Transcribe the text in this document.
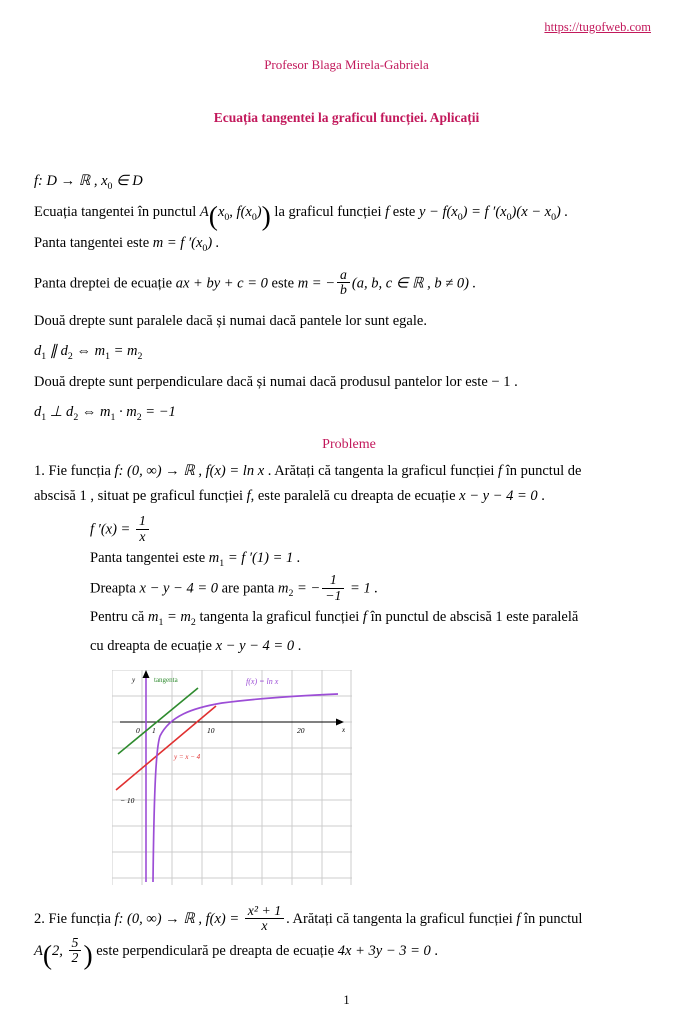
https://tugofweb.com
Profesor Blaga Mirela-Gabriela
Ecuația tangentei la graficul funcției. Aplicații
f: D → ℝ , $x_0$ ∈ D
Ecuația tangentei în punctul $A(x_0$, $f(x_0)$) la graficul funcției f este $y - f(x_0) = f$ $'(x_0)(x - x_0)$ .
Panta tangentei este m = f $'(x_0)$ .
Panta dreptei de ecuație ax + by + c = 0 este m = − $\frac{a}{b} (a$, b, c ∈ ℝ , b ≠ 0) .
Două drepte sunt paralele dacă și numai dacă pantele lor sunt egale.
$d_1$ ∥ $d_2$ ⇔ $m_1 = m_2$
Două drepte sunt perpendiculare dacă și numai dacă produsul pantelor lor este − 1 .
$d_1$ ⊥ $d_2$ ⇔ $m_1 \cdot m_2 = -1$
Probleme
1. Fie funcția f: (0, ∞) → ℝ , f(x) = ln x . Arătați că tangenta la graficul funcției f în punctul de
abscisă 1 , situat pe graficul funcției f, este paralelă cu dreapta de ecuație x − y − 4 = 0 .
f $'(x) = \frac{1}{x}$
Panta tangentei este $m_1 = f$ ′(1) = 1 .
Dreapta x − y − 4 = 0 are panta $m_2$ = − $\frac{1}{-1} = 1$ .
Pentru că $m_1 = m_2$ tangenta la graficul funcției f în punctul de abscisă 1 este paralelă
cu dreapta de ecuație x − y − 4 = 0 .
y
x
tangenta	f(x) = ln x
y = x − 4
0 1	10	20
− 10
2. Fie funcția f: (0, ∞) → ℝ , $f(x) = \frac{\text{x² + 1}}{x}$ . Arătați că tangenta la graficul funcției f în punctul
A(2, $\frac{5}{2}$ ) este perpendiculară pe dreapta de ecuație 4x + 3y − 3 = 0 .
1
